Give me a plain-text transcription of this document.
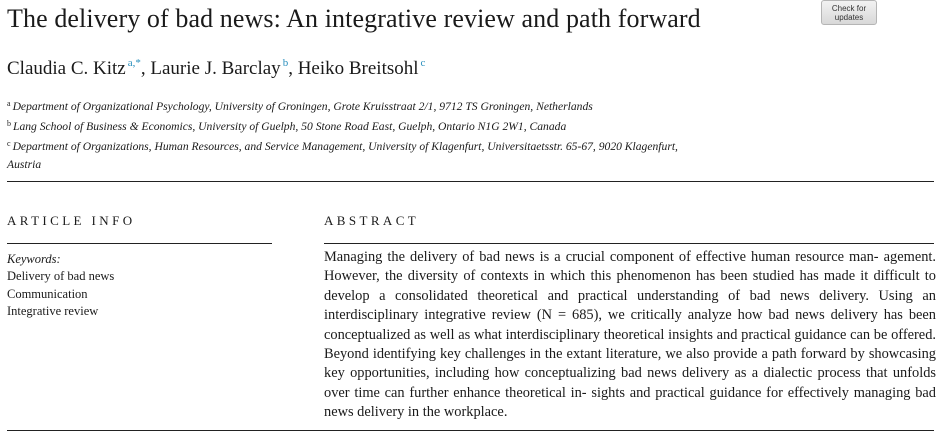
The delivery of bad news: An integrative review and path forward	Check for
updates
Claudia C. Kitz $^{a,*}$, Laurie J. Barclay $^b$, Heiko Breitsohl $^c$
$^a$ Department of Organizational Psychology, University of Groningen, Grote Kruisstraat 2/1, 9712 TS Groningen, Netherlands
$^b$ Lang School of Business & Economics, University of Guelph, 50 Stone Road East, Guelph, Ontario N1G 2W1, Canada
$^c$ Department of Organizations, Human Resources, and Service Management, University of Klagenfurt, Universitaetsstr. 65-67, 9020 Klagenfurt,
Austria
ARTICLE INFO	ABSTRACT
Keywords:
Delivery of bad news
Communication
Integrative review
Managing the delivery of bad news is a crucial component of effective human resource man- agement. However, the diversity of contexts in which this phenomenon has been studied has made it difficult to develop a consolidated theoretical and practical understanding of bad news delivery. Using an interdisciplinary integrative review (N = 685), we critically analyze how bad news delivery has been conceptualized as well as what interdisciplinary theoretical insights and practical guidance can be offered. Beyond identifying key challenges in the extant literature, we also provide a path forward by showcasing key opportunities, including how conceptualizing bad news delivery as a dialectic process that unfolds over time can further enhance theoretical in- sights and practical guidance for effectively managing bad news delivery in the workplace.
